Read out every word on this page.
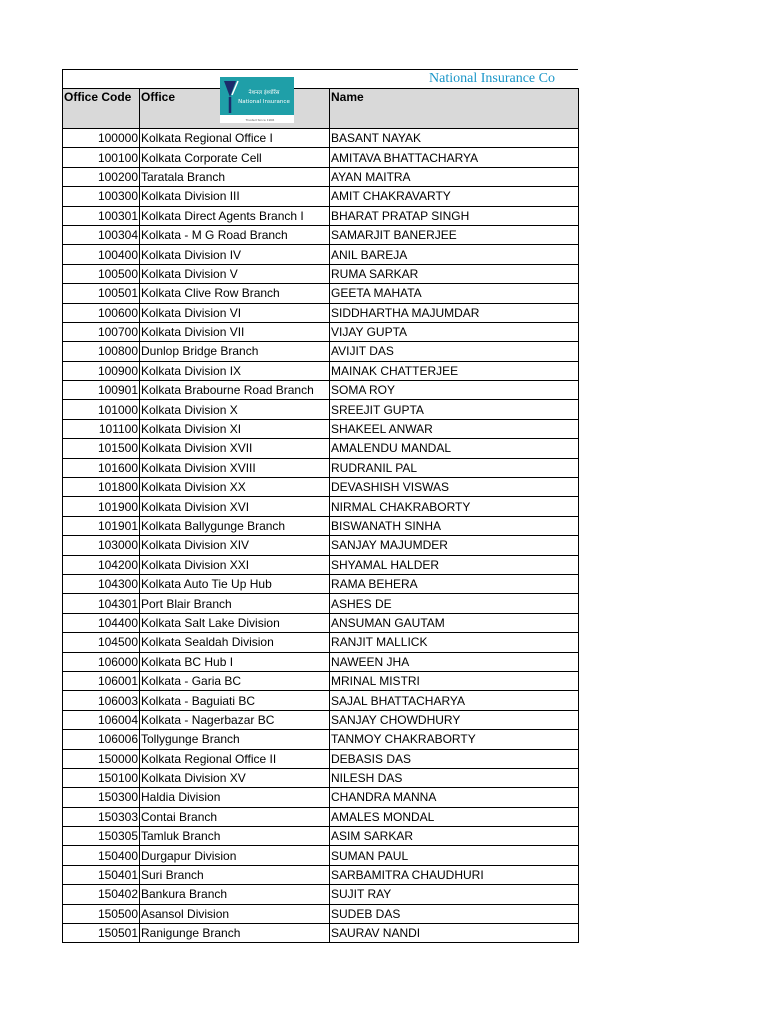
National Insurance Co
नेशनल इंश्योरेंस
National Insurance
Trusted Since 1906
Office Code	Office	Name
100000	Kolkata Regional Office I	BASANT NAYAK
100100	Kolkata Corporate Cell	AMITAVA BHATTACHARYA
100200	Taratala Branch	AYAN MAITRA
100300	Kolkata Division III	AMIT CHAKRAVARTY
100301	Kolkata Direct Agents Branch I	BHARAT PRATAP SINGH
100304	Kolkata - M G Road Branch	SAMARJIT BANERJEE
100400	Kolkata Division IV	ANIL BAREJA
100500	Kolkata Division V	RUMA SARKAR
100501	Kolkata Clive Row Branch	GEETA MAHATA
100600	Kolkata Division VI	SIDDHARTHA MAJUMDAR
100700	Kolkata Division VII	VIJAY GUPTA
100800	Dunlop Bridge Branch	AVIJIT DAS
100900	Kolkata Division IX	MAINAK CHATTERJEE
100901	Kolkata Brabourne Road Branch	SOMA ROY
101000	Kolkata Division X	SREEJIT GUPTA
101100	Kolkata Division XI	SHAKEEL ANWAR
101500	Kolkata Division XVII	AMALENDU MANDAL
101600	Kolkata Division XVIII	RUDRANIL PAL
101800	Kolkata Division XX	DEVASHISH VISWAS
101900	Kolkata Division XVI	NIRMAL CHAKRABORTY
101901	Kolkata Ballygunge Branch	BISWANATH SINHA
103000	Kolkata Division XIV	SANJAY MAJUMDER
104200	Kolkata Division XXI	SHYAMAL HALDER
104300	Kolkata Auto Tie Up Hub	RAMA BEHERA
104301	Port Blair Branch	ASHES DE
104400	Kolkata Salt Lake Division	ANSUMAN GAUTAM
104500	Kolkata Sealdah Division	RANJIT MALLICK
106000	Kolkata BC Hub I	NAWEEN JHA
106001	Kolkata - Garia BC	MRINAL MISTRI
106003	Kolkata - Baguiati BC	SAJAL BHATTACHARYA
106004	Kolkata - Nagerbazar BC	SANJAY CHOWDHURY
106006	Tollygunge Branch	TANMOY CHAKRABORTY
150000	Kolkata Regional Office II	DEBASIS DAS
150100	Kolkata Division XV	NILESH DAS
150300	Haldia Division	CHANDRA MANNA
150303	Contai Branch	AMALES MONDAL
150305	Tamluk Branch	ASIM SARKAR
150400	Durgapur Division	SUMAN PAUL
150401	Suri Branch	SARBAMITRA CHAUDHURI
150402	Bankura Branch	SUJIT RAY
150500	Asansol Division	SUDEB DAS
150501	Ranigunge Branch	SAURAV NANDI
